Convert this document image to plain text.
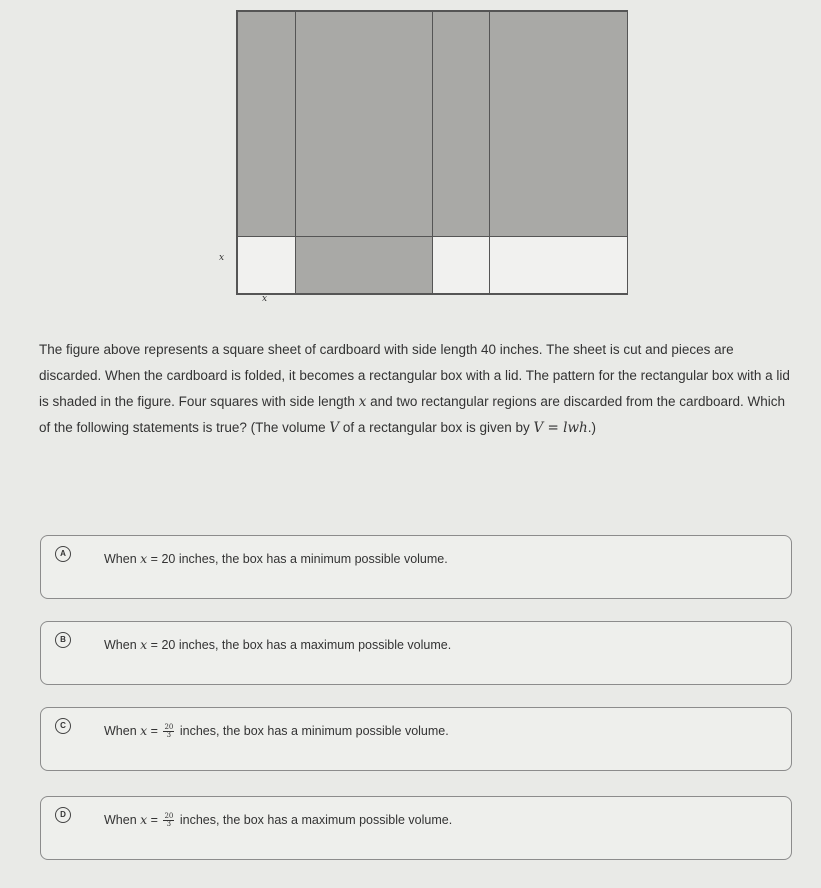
x
x
The figure above represents a square sheet of cardboard with side length 40 inches. The sheet is cut and pieces are discarded. When the cardboard is folded, it becomes a rectangular box with a lid. The pattern for the rectangular box with a lid is shaded in the figure. Four squares with side length x and two rectangular regions are discarded from the cardboard. Which of the following statements is true? (The volume V of a rectangular box is given by V = lwh.)
A	When x = 20 inches, the box has a minimum possible volume.
B	When x = 20 inches, the box has a maximum possible volume.
C	When $x = \frac{20}{3}$ inches, the box has a minimum possible volume.
D	When $x = \frac{20}{3}$ inches, the box has a maximum possible volume.
